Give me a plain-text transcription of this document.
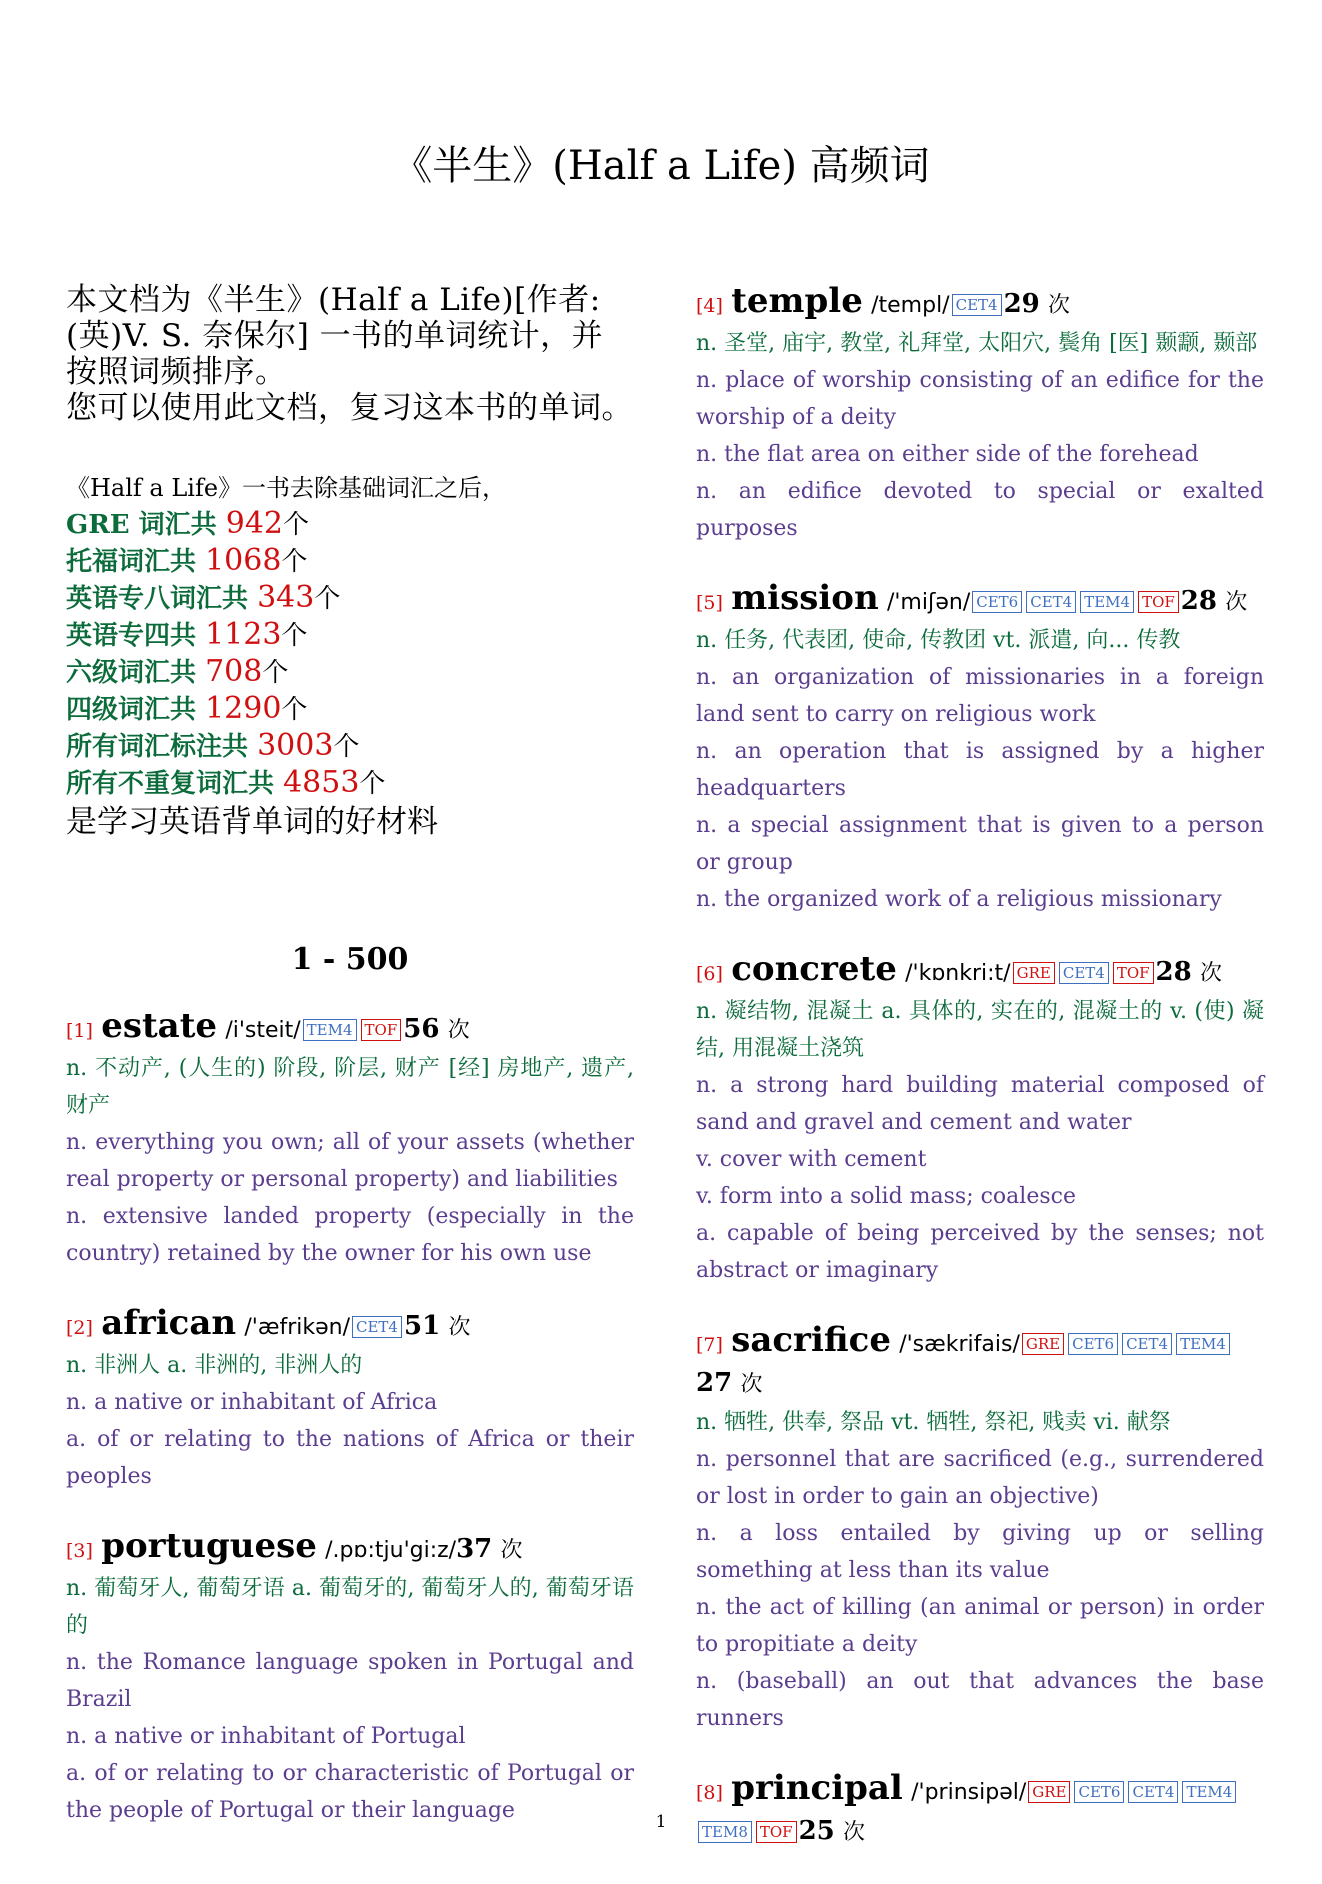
《半生》(Half a Life) 高频词

本文档为《半生》(Half a Life)[作者:(英)V. S. 奈保尔] 一书的单词统计，并按照词频排序。

您可以使用此文档，复习这本书的单词。

《Half a Life》一书去除基础词汇之后，
GRE 词汇共 942个
托福词汇共 1068个
英语专八词汇共 343个
英语专四共 1123个
六级词汇共 708个
四级词汇共 1290个
所有词汇标注共 3003个
所有不重复词汇共 4853个
是学习英语背单词的好材料
1 - 500
[1] estate /i'steit/ TEM4 TOF 56 次
n. 不动产, (人生的) 阶段, 阶层, 财产 [经] 房地产, 遗产, 财产
n. everything you own; all of your assets (whether real property or personal property) and liabilities
n. extensive landed property (especially in the country) retained by the owner for his own use
[2] african /'æfrikən/ CET4 51 次
n. 非洲人 a. 非洲的, 非洲人的
n. a native or inhabitant of Africa
a. of or relating to the nations of Africa or their peoples
[3] portuguese /.pɒ:tju'gi:z/37 次
n. 葡萄牙人, 葡萄牙语 a. 葡萄牙的, 葡萄牙人的, 葡萄牙语的
n. the Romance language spoken in Portugal and Brazil
n. a native or inhabitant of Portugal
a. of or relating to or characteristic of Portugal or the people of Portugal or their language
[4] temple /templ/ CET4 29 次
n. 圣堂, 庙宇, 教堂, 礼拜堂, 太阳穴, 鬓角 [医] 颞颥, 颞部
n. place of worship consisting of an edifice for the worship of a deity
n. the flat area on either side of the forehead
n. an edifice devoted to special or exalted purposes
[5] mission /'miʃən/ CET6 CET4 TEM4 TOF 28 次
n. 任务, 代表团, 使命, 传教团 vt. 派遣, 向... 传教
n. an organization of missionaries in a foreign land sent to carry on religious work
n. an operation that is assigned by a higher headquarters
n. a special assignment that is given to a person or group
n. the organized work of a religious missionary
[6] concrete /'kɒnkri:t/ GRE CET4 TOF 28 次
n. 凝结物, 混凝土 a. 具体的, 实在的, 混凝土的 v. (使) 凝结, 用混凝土浇筑
n. a strong hard building material composed of sand and gravel and cement and water
v. cover with cement
v. form into a solid mass; coalesce
a. capable of being perceived by the senses; not abstract or imaginary
[7] sacrifice /'sækrifais/ GRE CET6 CET4 TEM427 次
n. 牺牲, 供奉, 祭品 vt. 牺牲, 祭祀, 贱卖 vi. 献祭
n. personnel that are sacrificed (e.g., surrendered or lost in order to gain an objective)
n. a loss entailed by giving up or selling something at less than its value
n. the act of killing (an animal or person) in order to propitiate a deity
n. (baseball) an out that advances the base runners
[8] principal /'prinsipəl/ GRE CET6 CET4 TEM4TEM8 TOF 25 次
1
